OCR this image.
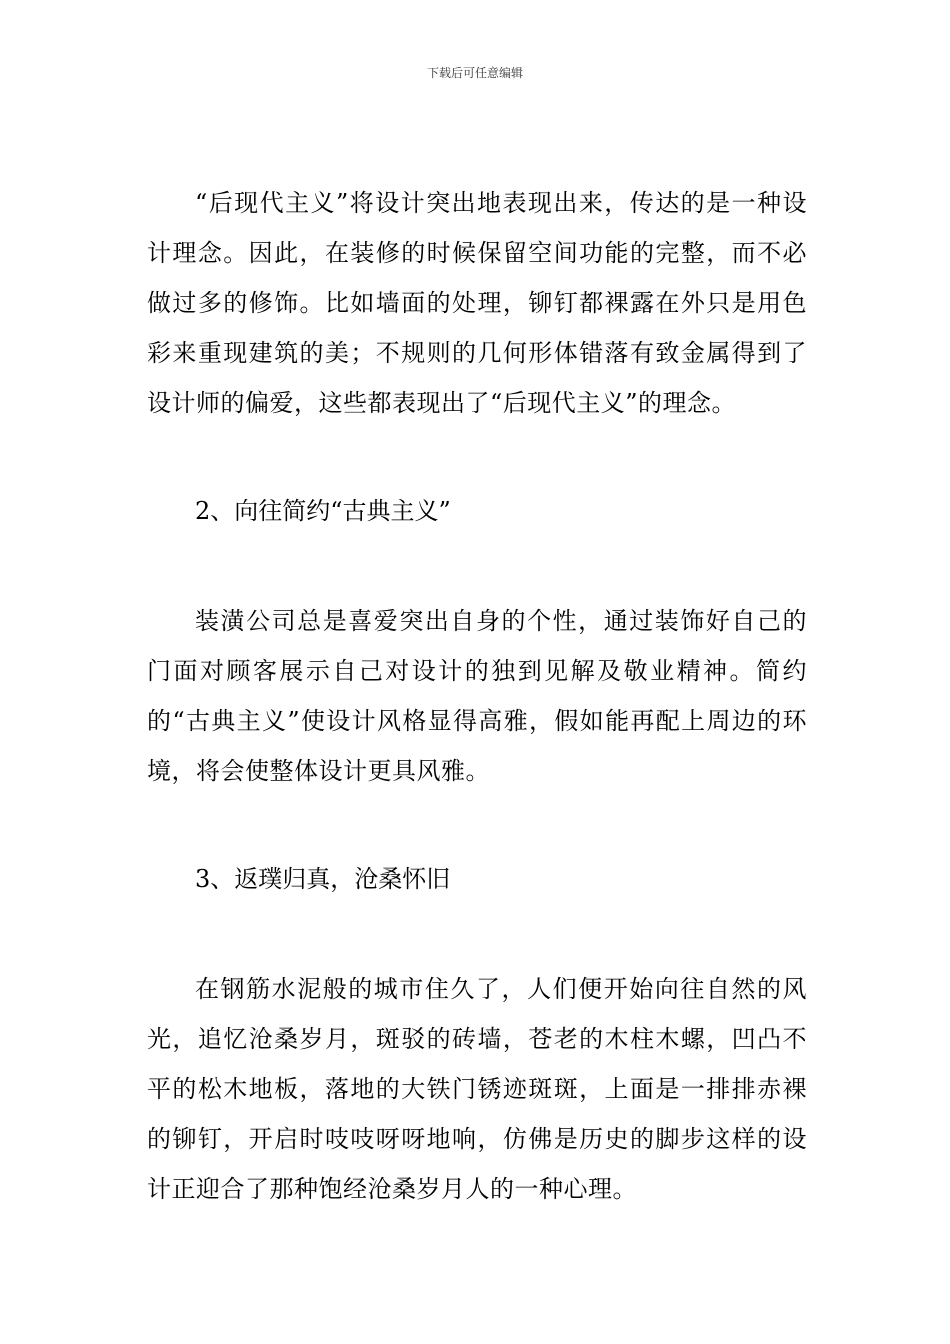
下载后可任意编辑

“后现代主义”将设计突出地表现出来，传达的是一种设计理念。因此，在装修的时候保留空间功能的完整，而不必做过多的修饰。比如墙面的处理，铆钉都裸露在外只是用色彩来重现建筑的美；不规则的几何形体错落有致金属得到了设计师的偏爱，这些都表现出了“后现代主义”的理念。

2、向往简约“古典主义”

装潢公司总是喜爱突出自身的个性，通过装饰好自己的门面对顾客展示自己对设计的独到见解及敬业精神。简约的“古典主义”使设计风格显得高雅，假如能再配上周边的环境，将会使整体设计更具风雅。

3、返璞归真，沧桑怀旧

在钢筋水泥般的城市住久了，人们便开始向往自然的风光，追忆沧桑岁月，斑驳的砖墙，苍老的木柱木螺，凹凸不平的松木地板，落地的大铁门锈迹斑斑，上面是一排排赤裸的铆钉，开启时吱吱呀呀地响，仿佛是历史的脚步这样的设计正迎合了那种饱经沧桑岁月人的一种心理。
